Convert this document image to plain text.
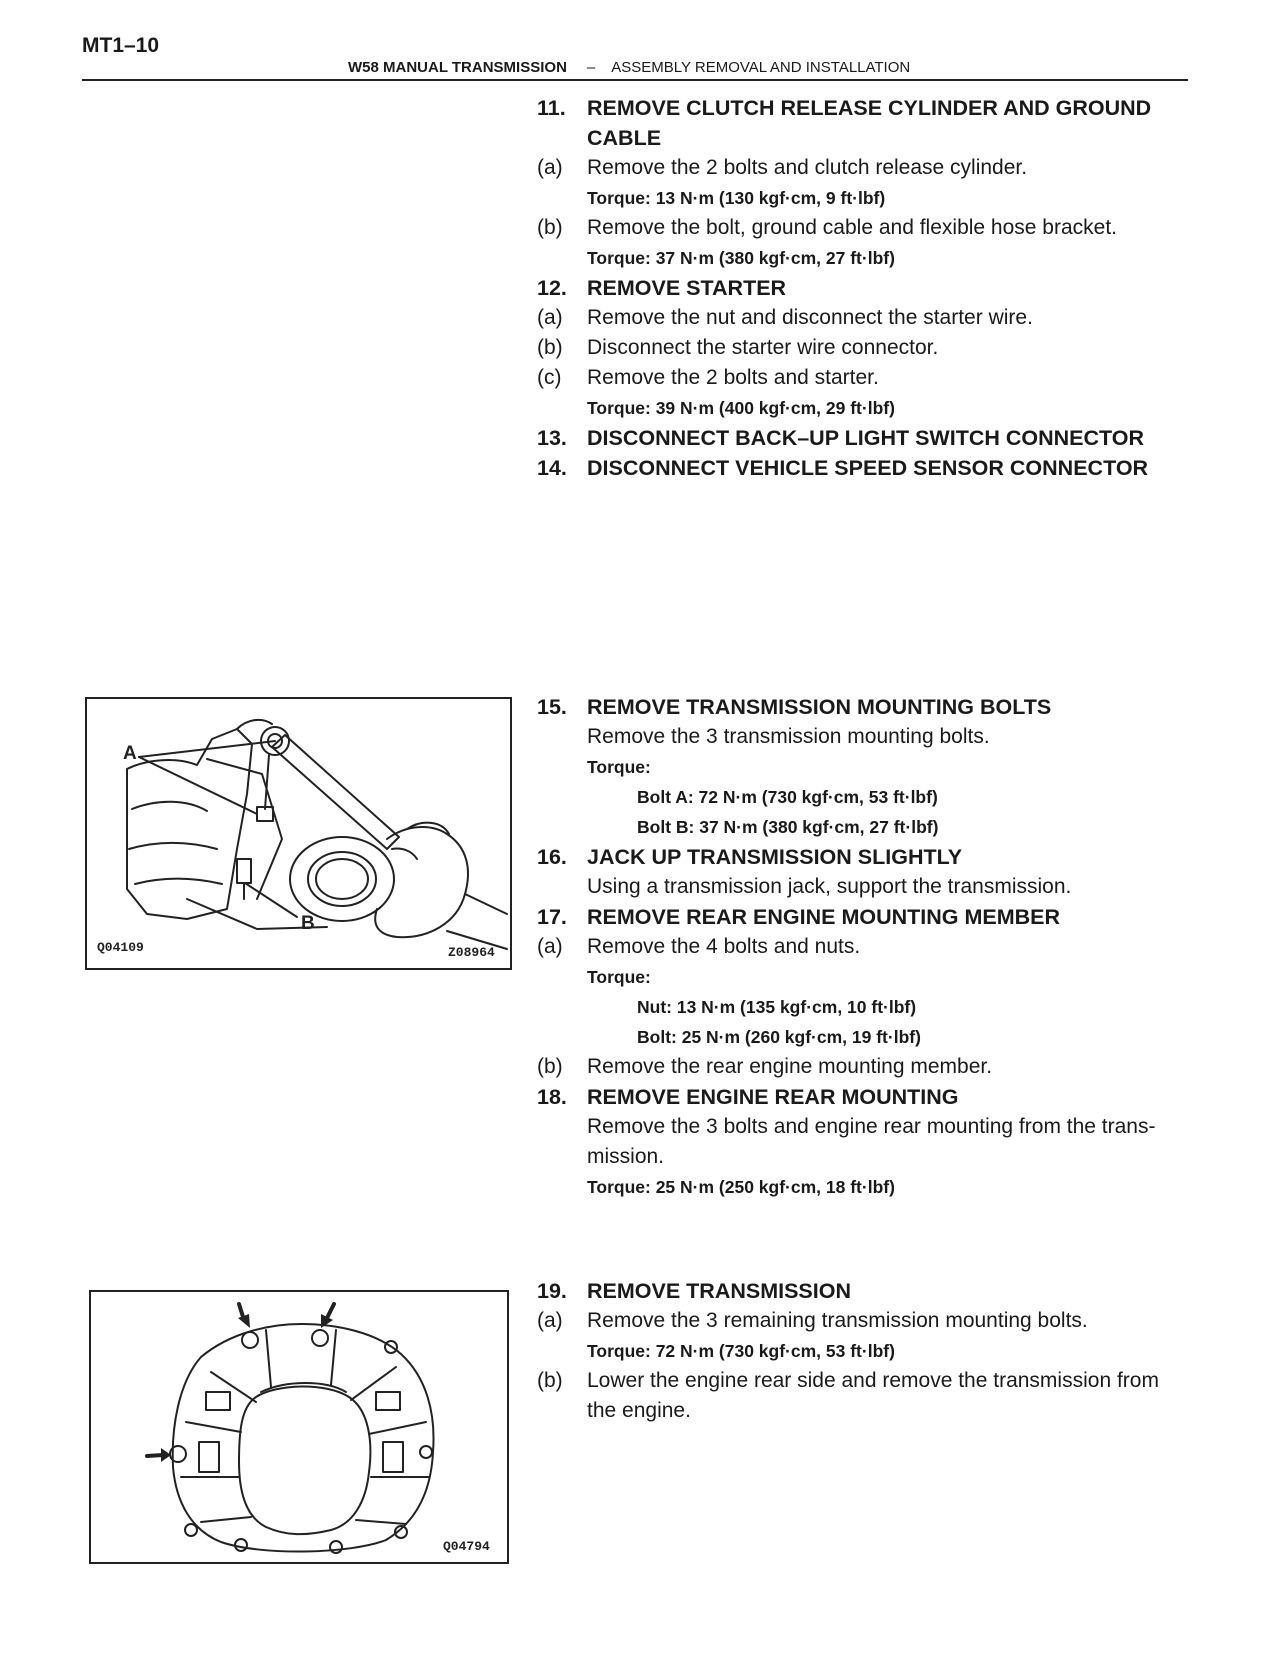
MT1–10
W58 MANUAL TRANSMISSION – ASSEMBLY REMOVAL AND INSTALLATION
11. REMOVE CLUTCH RELEASE CYLINDER AND GROUND
CABLE
(a) Remove the 2 bolts and clutch release cylinder.
Torque: 13 N·m (130 kgf·cm, 9 ft·lbf)
(b) Remove the bolt, ground cable and flexible hose bracket.
Torque: 37 N·m (380 kgf·cm, 27 ft·lbf)
12. REMOVE STARTER
(a) Remove the nut and disconnect the starter wire.
(b) Disconnect the starter wire connector.
(c) Remove the 2 bolts and starter.
Torque: 39 N·m (400 kgf·cm, 29 ft·lbf)
13. DISCONNECT BACK–UP LIGHT SWITCH CONNECTOR
14. DISCONNECT VEHICLE SPEED SENSOR CONNECTOR
A
B
Q04109	Z08964
15. REMOVE TRANSMISSION MOUNTING BOLTS
Remove the 3 transmission mounting bolts.
Torque:
Bolt A: 72 N·m (730 kgf·cm, 53 ft·lbf)
Bolt B: 37 N·m (380 kgf·cm, 27 ft·lbf)
16. JACK UP TRANSMISSION SLIGHTLY
Using a transmission jack, support the transmission.
17. REMOVE REAR ENGINE MOUNTING MEMBER
(a) Remove the 4 bolts and nuts.
Torque:
Nut: 13 N·m (135 kgf·cm, 10 ft·lbf)
Bolt: 25 N·m (260 kgf·cm, 19 ft·lbf)
(b) Remove the rear engine mounting member.
18. REMOVE ENGINE REAR MOUNTING
Remove the 3 bolts and engine rear mounting from the trans-
mission.
Torque: 25 N·m (250 kgf·cm, 18 ft·lbf)
Q04794
19. REMOVE TRANSMISSION
(a) Remove the 3 remaining transmission mounting bolts.
Torque: 72 N·m (730 kgf·cm, 53 ft·lbf)
(b) Lower the engine rear side and remove the transmission from
the engine.
